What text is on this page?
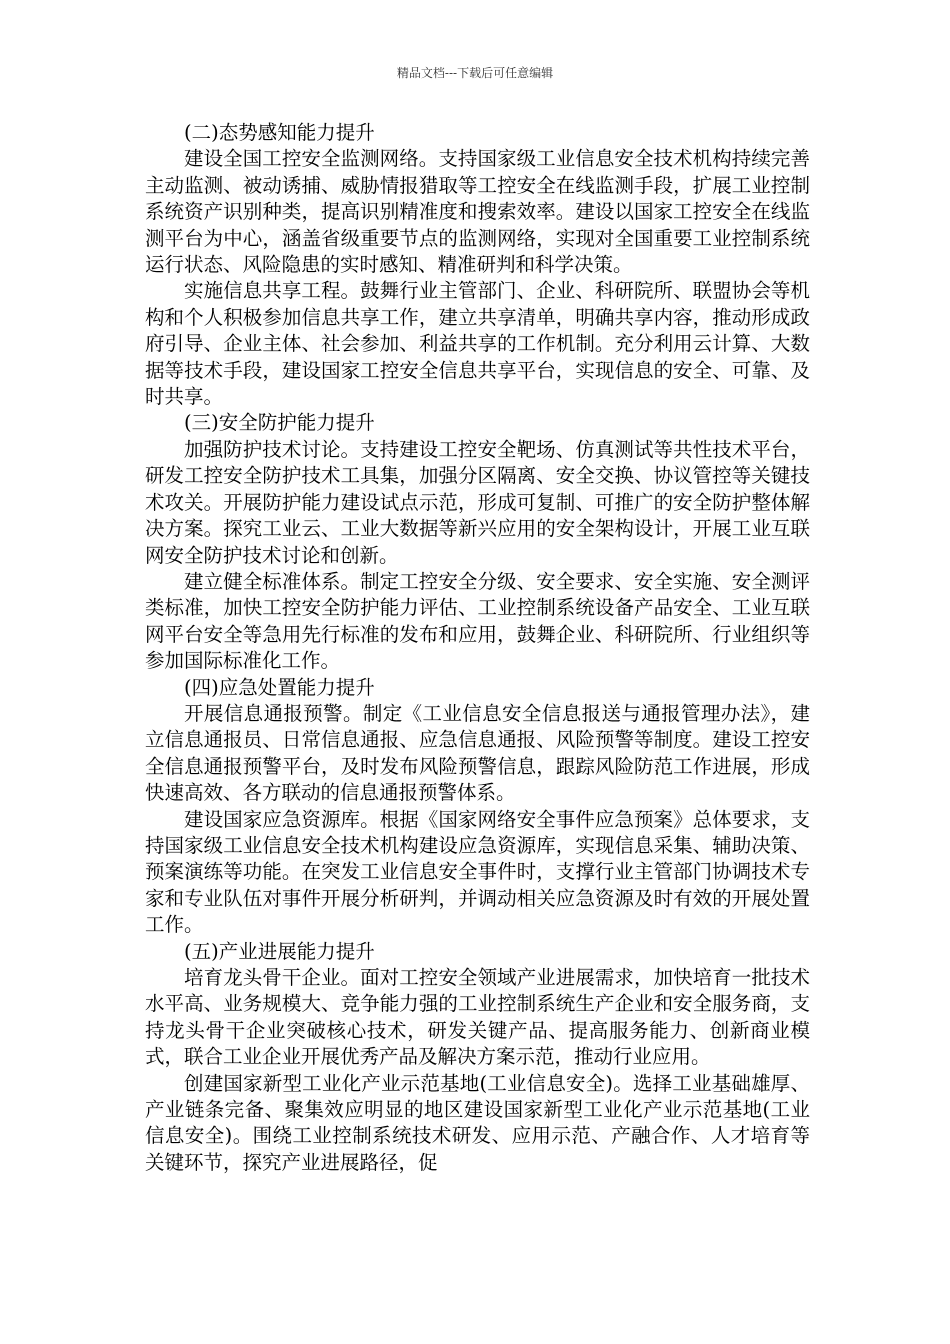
精品文档---下载后可任意编辑
(二)态势感知能力提升

建设全国工控安全监测网络。支持国家级工业信息安全技术机构持续完善主动监测、被动诱捕、威胁情报猎取等工控安全在线监测手段，扩展工业控制系统资产识别种类，提高识别精准度和搜索效率。建设以国家工控安全在线监测平台为中心，涵盖省级重要节点的监测网络，实现对全国重要工业控制系统运行状态、风险隐患的实时感知、精准研判和科学决策。

实施信息共享工程。鼓舞行业主管部门、企业、科研院所、联盟协会等机构和个人积极参加信息共享工作，建立共享清单，明确共享内容，推动形成政府引导、企业主体、社会参加、利益共享的工作机制。充分利用云计算、大数据等技术手段，建设国家工控安全信息共享平台，实现信息的安全、可靠、及时共享。

(三)安全防护能力提升

加强防护技术讨论。支持建设工控安全靶场、仿真测试等共性技术平台，研发工控安全防护技术工具集，加强分区隔离、安全交换、协议管控等关键技术攻关。开展防护能力建设试点示范，形成可复制、可推广的安全防护整体解决方案。探究工业云、工业大数据等新兴应用的安全架构设计，开展工业互联网安全防护技术讨论和创新。

建立健全标准体系。制定工控安全分级、安全要求、安全实施、安全测评类标准，加快工控安全防护能力评估、工业控制系统设备产品安全、工业互联网平台安全等急用先行标准的发布和应用，鼓舞企业、科研院所、行业组织等参加国际标准化工作。

(四)应急处置能力提升

开展信息通报预警。制定《工业信息安全信息报送与通报管理办法》，建立信息通报员、日常信息通报、应急信息通报、风险预警等制度。建设工控安全信息通报预警平台，及时发布风险预警信息，跟踪风险防范工作进展，形成快速高效、各方联动的信息通报预警体系。

建设国家应急资源库。根据《国家网络安全事件应急预案》总体要求，支持国家级工业信息安全技术机构建设应急资源库，实现信息采集、辅助决策、预案演练等功能。在突发工业信息安全事件时，支撑行业主管部门协调技术专家和专业队伍对事件开展分析研判，并调动相关应急资源及时有效的开展处置工作。

(五)产业进展能力提升

培育龙头骨干企业。面对工控安全领域产业进展需求，加快培育一批技术水平高、业务规模大、竞争能力强的工业控制系统生产企业和安全服务商，支持龙头骨干企业突破核心技术，研发关键产品、提高服务能力、创新商业模式，联合工业企业开展优秀产品及解决方案示范，推动行业应用。

创建国家新型工业化产业示范基地(工业信息安全)。选择工业基础雄厚、产业链条完备、聚集效应明显的地区建设国家新型工业化产业示范基地(工业信息安全)。围绕工业控制系统技术研发、应用示范、产融合作、人才培育等关键环节，探究产业进展路径，促
